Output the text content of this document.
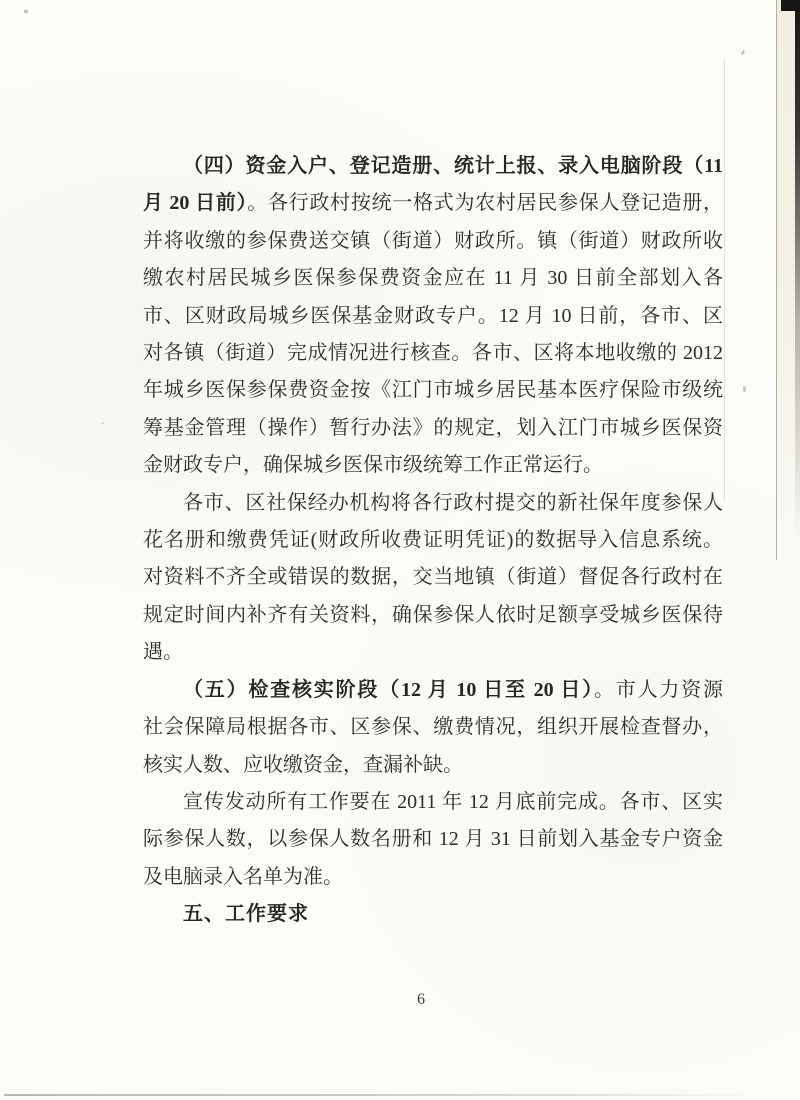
（四）资金入户、登记造册、统计上报、录入电脑阶段（11
月 20 日前）。各行政村按统一格式为农村居民参保人登记造册，
并将收缴的参保费送交镇（街道）财政所。镇（街道）财政所收
缴农村居民城乡医保参保费资金应在 11 月 30 日前全部划入各
市、区财政局城乡医保基金财政专户。12 月 10 日前，各市、区
对各镇（街道）完成情况进行核查。各市、区将本地收缴的 2012
年城乡医保参保费资金按《江门市城乡居民基本医疗保险市级统
筹基金管理（操作）暂行办法》的规定，划入江门市城乡医保资
金财政专户，确保城乡医保市级统筹工作正常运行。
各市、区社保经办机构将各行政村提交的新社保年度参保人
花名册和缴费凭证(财政所收费证明凭证)的数据导入信息系统。
对资料不齐全或错误的数据，交当地镇（街道）督促各行政村在
规定时间内补齐有关资料，确保参保人依时足额享受城乡医保待
遇。
（五）检查核实阶段（12 月 10 日至 20 日）。市人力资源
社会保障局根据各市、区参保、缴费情况，组织开展检查督办，
核实人数、应收缴资金，查漏补缺。
宣传发动所有工作要在 2011 年 12 月底前完成。各市、区实
际参保人数，以参保人数名册和 12 月 31 日前划入基金专户资金
及电脑录入名单为准。
五、工作要求
6
